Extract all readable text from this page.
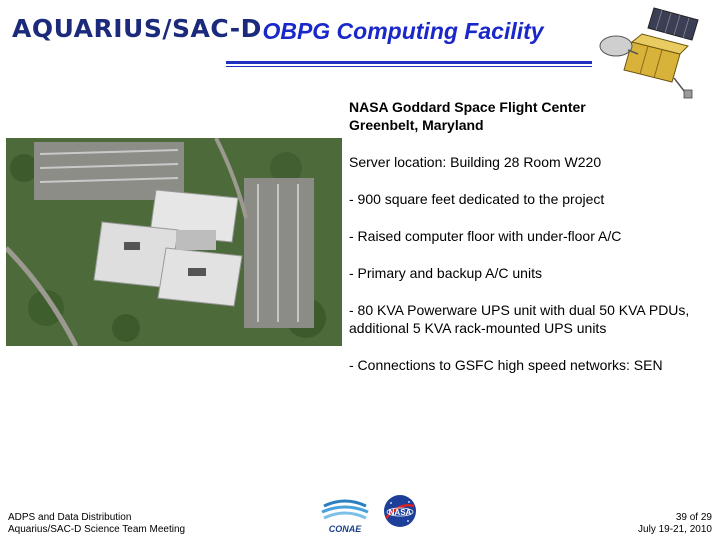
AQUARIUS/SAC-D OBPG Computing Facility
NASA Goddard Space Flight Center
Greenbelt, Maryland
Server location: Building 28 Room W220
- 900 square feet dedicated to the project
- Raised computer floor with under-floor A/C
- Primary and backup A/C units
- 80 KVA Powerware UPS unit with dual 50 KVA PDUs, additional 5 KVA rack-mounted UPS units
- Connections to GSFC high speed networks: SEN
ADPS and Data Distribution
Aquarius/SAC-D Science Team Meeting	CONAE
NASA	39 of 29
July 19-21, 2010
